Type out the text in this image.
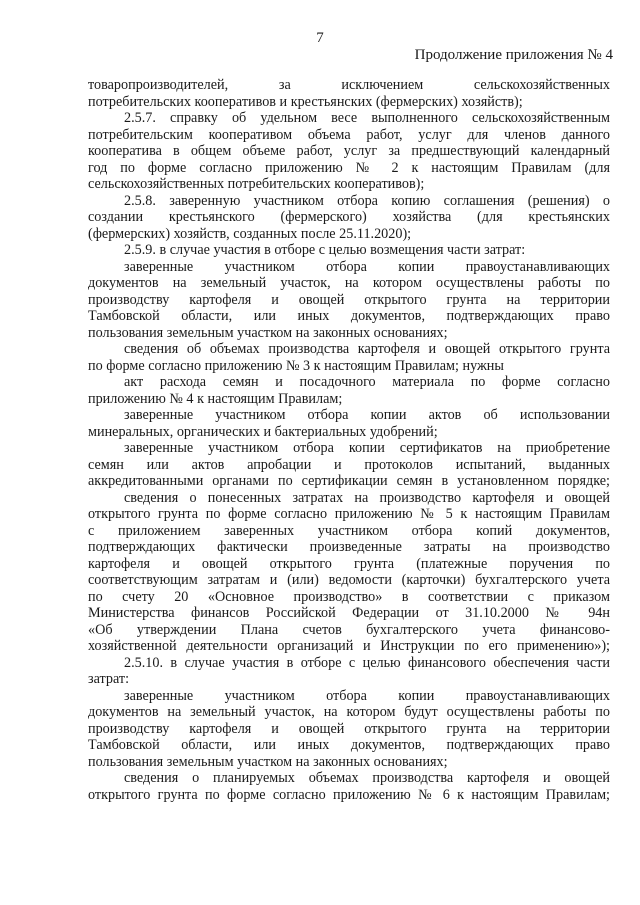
7
Продолжение приложения № 4
товаропроизводителей, за исключением сельскохозяйственных
потребительских кооперативов и крестьянских (фермерских) хозяйств);
2.5.7. справку об удельном весе выполненного сельскохозяйственным
потребительским кооперативом объема работ, услуг для членов данного
кооператива в общем объеме работ, услуг за предшествующий календарный
год по форме согласно приложению № 2 к настоящим Правилам (для
сельскохозяйственных потребительских кооперативов);
2.5.8. заверенную участником отбора копию соглашения (решения) о
создании крестьянского (фермерского) хозяйства (для крестьянских
(фермерских) хозяйств, созданных после 25.11.2020);
2.5.9. в случае участия в отборе с целью возмещения части затрат:
заверенные участником отбора копии правоустанавливающих
документов на земельный участок, на котором осуществлены работы по
производству картофеля и овощей открытого грунта на территории
Тамбовской области, или иных документов, подтверждающих право
пользования земельным участком на законных основаниях;
сведения об объемах производства картофеля и овощей открытого грунта
по форме согласно приложению № 3 к настоящим Правилам; нужны
акт расхода семян и посадочного материала по форме согласно
приложению № 4 к настоящим Правилам;
заверенные участником отбора копии актов об использовании
минеральных, органических и бактериальных удобрений;
заверенные участником отбора копии сертификатов на приобретение
семян или актов апробации и протоколов испытаний, выданных
аккредитованными органами по сертификации семян в установленном порядке;
сведения о понесенных затратах на производство картофеля и овощей
открытого грунта по форме согласно приложению № 5 к настоящим Правилам
с приложением заверенных участником отбора копий документов,
подтверждающих фактически произведенные затраты на производство
картофеля и овощей открытого грунта (платежные поручения по
соответствующим затратам и (или) ведомости (карточки) бухгалтерского учета
по счету 20 «Основное производство» в соответствии с приказом
Министерства финансов Российской Федерации от 31.10.2000 № 94н
«Об утверждении Плана счетов бухгалтерского учета финансово-
хозяйственной деятельности организаций и Инструкции по его применению»);
2.5.10. в случае участия в отборе с целью финансового обеспечения части
затрат:
заверенные участником отбора копии правоустанавливающих
документов на земельный участок, на котором будут осуществлены работы по
производству картофеля и овощей открытого грунта на территории
Тамбовской области, или иных документов, подтверждающих право
пользования земельным участком на законных основаниях;
сведения о планируемых объемах производства картофеля и овощей
открытого грунта по форме согласно приложению № 6 к настоящим Правилам;
